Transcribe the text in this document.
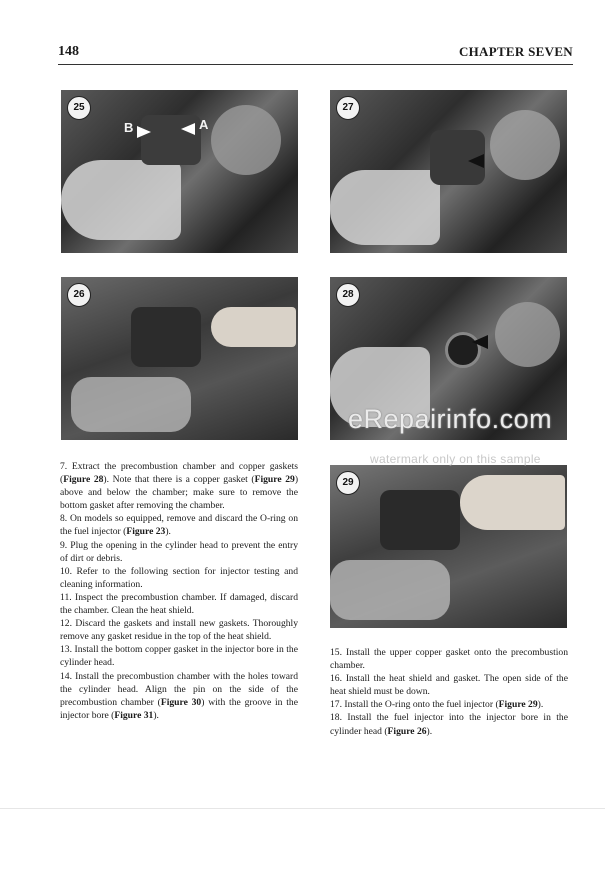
148	CHAPTER SEVEN
25
B	A
26
27
28
29
eRepairinfo.com
watermark only on this sample

7. Extract the precombustion chamber and copper gaskets (Figure 28). Note that there is a copper gasket (Figure 29) above and below the chamber; make sure to remove the bottom gasket after removing the chamber.

8. On models so equipped, remove and discard the O-ring on the fuel injector (Figure 23).

9. Plug the opening in the cylinder head to prevent the entry of dirt or debris.

10. Refer to the following section for injector testing and cleaning information.

11. Inspect the precombustion chamber. If damaged, discard the chamber. Clean the heat shield.

12. Discard the gaskets and install new gaskets. Thoroughly remove any gasket residue in the top of the heat shield.

13. Install the bottom copper gasket in the injector bore in the cylinder head.

14. Install the precombustion chamber with the holes toward the cylinder head. Align the pin on the side of the precombustion chamber (Figure 30) with the groove in the injector bore (Figure 31).

15. Install the upper copper gasket onto the precombustion chamber.

16. Install the heat shield and gasket. The open side of the heat shield must be down.

17. Install the O-ring onto the fuel injector (Figure 29).

18. Install the fuel injector into the injector bore in the cylinder head (Figure 26).
